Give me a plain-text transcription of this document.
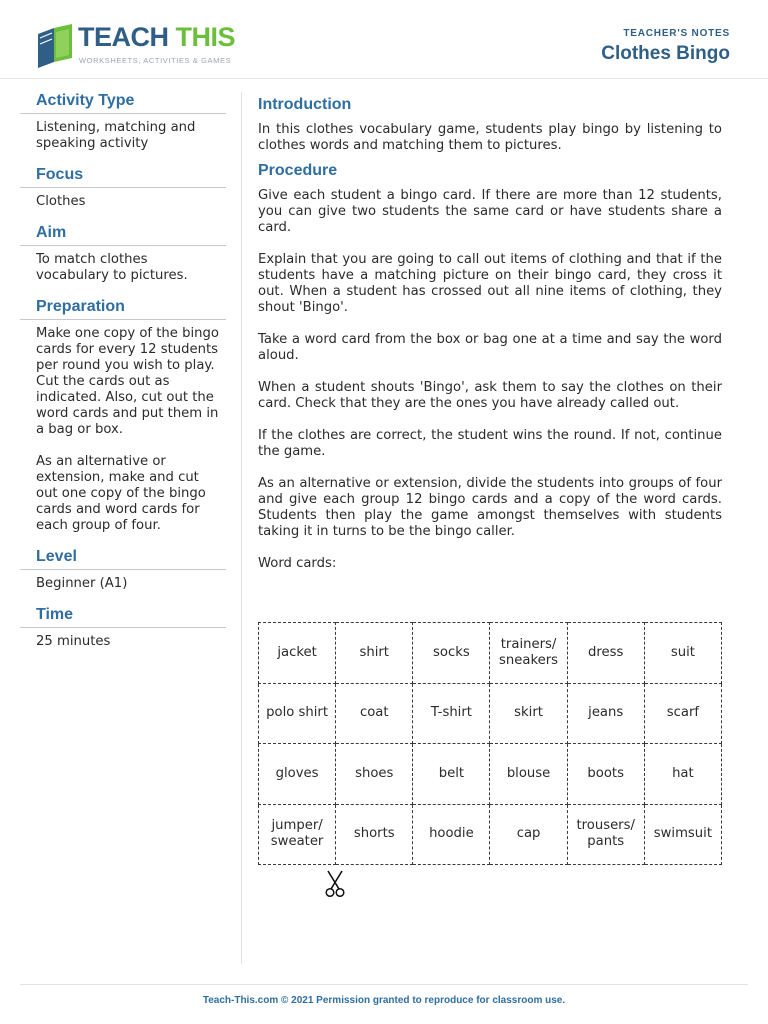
TEACH THIS
WORKSHEETS, ACTIVITIES & GAMES
TEACHER'S NOTES
Clothes Bingo
Activity Type
Listening, matching and speaking activity
Focus
Clothes
Aim
To match clothes vocabulary to pictures.
Preparation
Make one copy of the bingo cards for every 12 students per round you wish to play. Cut the cards out as indicated. Also, cut out the word cards and put them in a bag or box.
As an alternative or extension, make and cut out one copy of the bingo cards and word cards for each group of four.
Level
Beginner (A1)
Time
25 minutes
Introduction

In this clothes vocabulary game, students play bingo by listening to clothes words and matching them to pictures.

Procedure

Give each student a bingo card. If there are more than 12 students, you can give two students the same card or have students share a card.

Explain that you are going to call out items of clothing and that if the students have a matching picture on their bingo card, they cross it out. When a student has crossed out all nine items of clothing, they shout 'Bingo'.

Take a word card from the box or bag one at a time and say the word aloud.

When a student shouts 'Bingo', ask them to say the clothes on their card. Check that they are the ones you have already called out.

If the clothes are correct, the student wins the round. If not, continue the game.

As an alternative or extension, divide the students into groups of four and give each group 12 bingo cards and a copy of the word cards. Students then play the game amongst themselves with students taking it in turns to be the bingo caller.

Word cards:

jacket	shirt	socks	trainers/ sneakers	dress	suit
polo shirt	coat	T-shirt	skirt	jeans	scarf
gloves	shoes	belt	blouse	boots	hat
jumper/ sweater	shorts	hoodie	cap	trousers/ pants	swimsuit
Teach-This.com © 2021 Permission granted to reproduce for classroom use.
